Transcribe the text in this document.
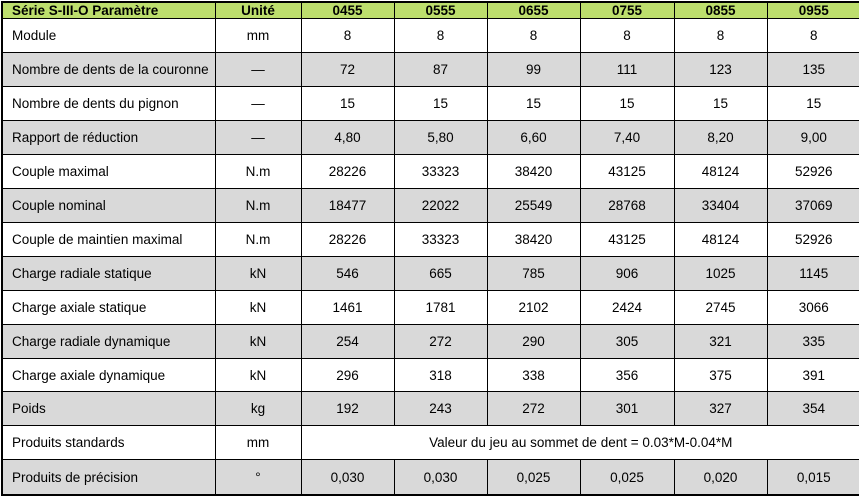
Série S-III-O Paramètre	Unité	0455	0555	0655	0755	0855	0955
Module	mm	8	8	8	8	8	8
Nombre de dents de la couronne	—	72	87	99	111	123	135
Nombre de dents du pignon	—	15	15	15	15	15	15
Rapport de réduction	—	4,80	5,80	6,60	7,40	8,20	9,00
Couple maximal	N.m	28226	33323	38420	43125	48124	52926
Couple nominal	N.m	18477	22022	25549	28768	33404	37069
Couple de maintien maximal	N.m	28226	33323	38420	43125	48124	52926
Charge radiale statique	kN	546	665	785	906	1025	1145
Charge axiale statique	kN	1461	1781	2102	2424	2745	3066
Charge radiale dynamique	kN	254	272	290	305	321	335
Charge axiale dynamique	kN	296	318	338	356	375	391
Poids	kg	192	243	272	301	327	354
Produits standards	mm	Valeur du jeu au sommet de dent = 0.03*M-0.04*M					
Produits de précision	°	0,030	0,030	0,025	0,025	0,020	0,015
